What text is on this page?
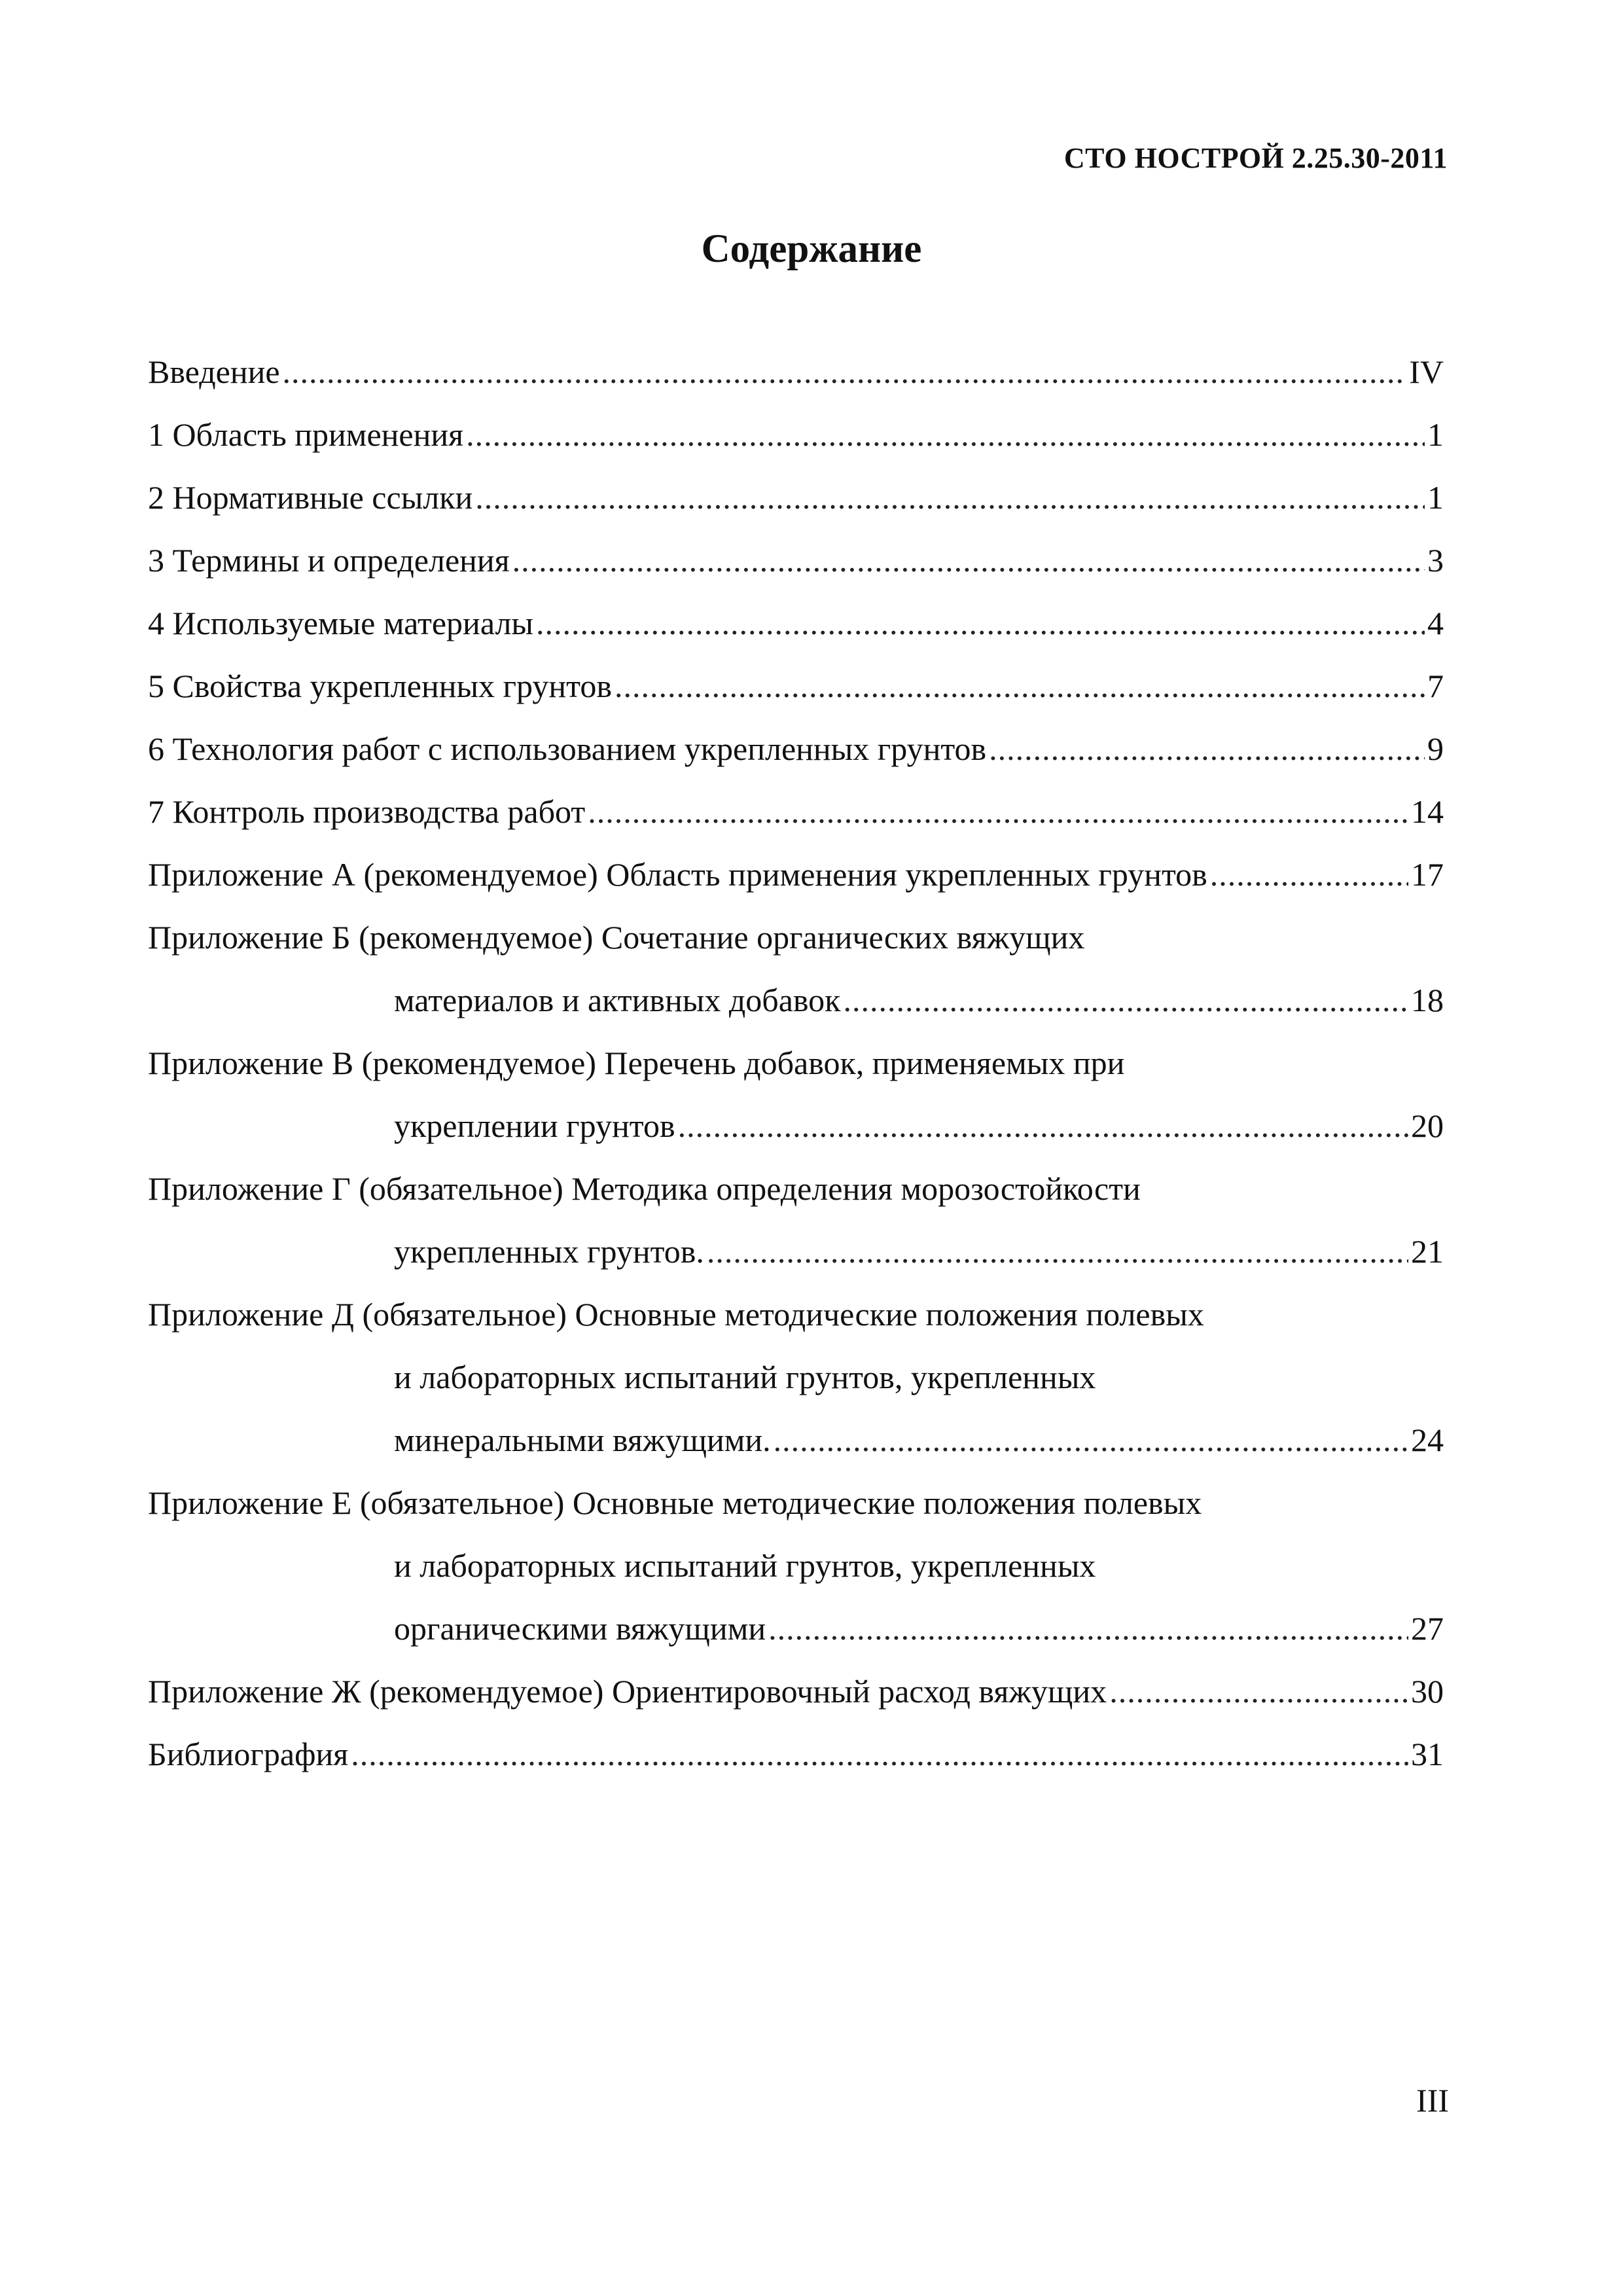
СТО НОСТРОЙ 2.25.30-2011
Содержание
Введение .....	IV
1 Область применения .....	1
2 Нормативные ссылки .....	1
3 Термины и определения .....	3
4 Используемые материалы .....	4
5 Свойства укрепленных грунтов .....	7
6 Технология работ с использованием укрепленных грунтов .....	9
7 Контроль производства работ .....	14
Приложение А (рекомендуемое) Область применения укрепленных грунтов .....	17
Приложение Б (рекомендуемое) Сочетание органических вяжущих
материалов и активных добавок .....	18
Приложение В (рекомендуемое) Перечень добавок, применяемых при
укреплении грунтов .....	20
Приложение Г (обязательное) Методика определения морозостойкости
укрепленных грунтов. .....	21
Приложение Д (обязательное) Основные методические положения полевых
и лабораторных испытаний грунтов, укрепленных
минеральными вяжущими. .....	24
Приложение Е (обязательное) Основные методические положения полевых
и лабораторных испытаний грунтов, укрепленных
органическими вяжущими .....	27
Приложение Ж (рекомендуемое) Ориентировочный расход вяжущих .....	30
Библиография .....	31
III
